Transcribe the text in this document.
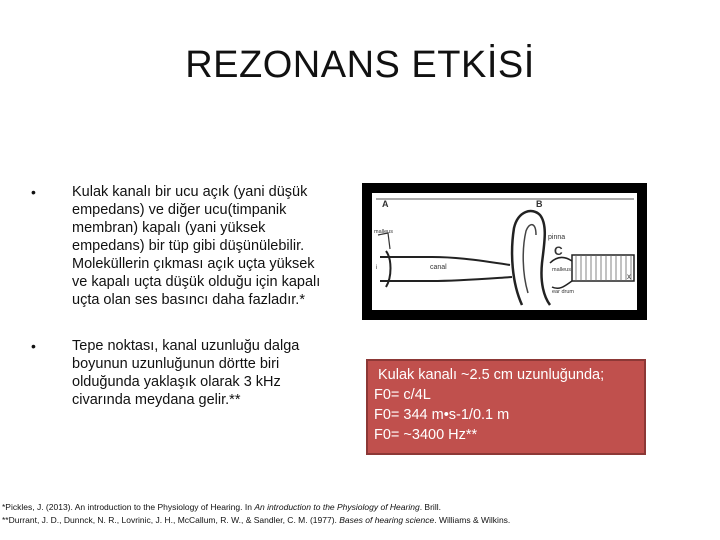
REZONANS ETKİSİ
• Kulak kanalı bir ucu açık (yani düşük empedans) ve diğer ucu(timpanik membran) kapalı (yani yüksek empedans) bir tüp gibi düşünülebilir. Moleküllerin çıkması açık uçta yüksek ve kapalı uçta düşük olduğu için kapalı uçta olan ses basıncı daha fazladır.*
• Tepe noktası, kanal uzunluğu dalga boyunun uzunluğunun dörtte biri olduğunda yaklaşık olarak 3 kHz civarında meydana gelir.**
A	B
C
x
pinna
canal
malleus
malleus
ear drum
i
Kulak kanalı ~2.5 cm uzunluğunda;
F0= c/4L
F0= 344 m•s-1/0.1 m
F0= ~3400 Hz**
*Pickles, J. (2013). An introduction to the Physiology of Hearing. In An introduction to the Physiology of Hearing. Brill.
**Durrant, J. D., Dunnck, N. R., Lovrinic, J. H., McCallum, R. W., & Sandler, C. M. (1977). Bases of hearing science. Williams & Wilkins.
